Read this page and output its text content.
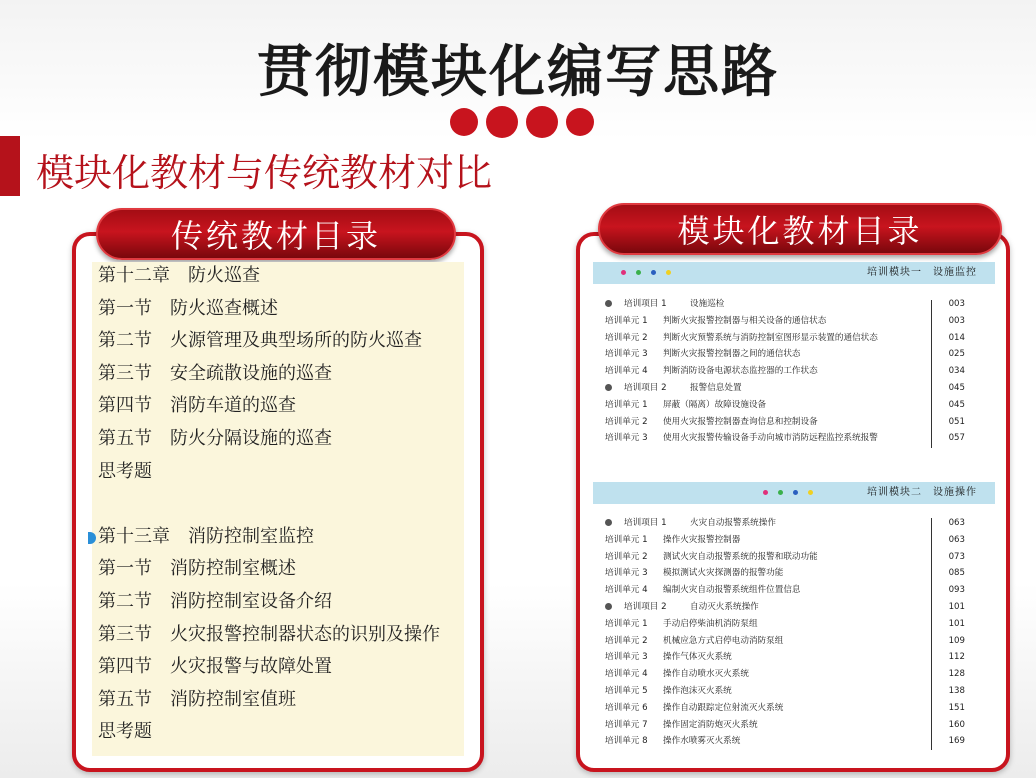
贯彻模块化编写思路
模块化教材与传统教材对比
传统教材目录
第十二章　防火巡查
第一节　防火巡查概述
第二节　火源管理及典型场所的防火巡查
第三节　安全疏散设施的巡查
第四节　消防车道的巡查
第五节　防火分隔设施的巡查
思考题
第十三章　消防控制室监控
第一节　消防控制室概述
第二节　消防控制室设备介绍
第三节　火灾报警控制器状态的识别及操作
第四节　火灾报警与故障处置
第五节　消防控制室值班
思考题
模块化教材目录
培训模块一　设施监控
培训项目 1	设施巡检	003
培训单元 1 判断火灾报警控制器与相关设备的通信状态	003
培训单元 2 判断火灾预警系统与消防控制室图形显示装置的通信状态	014
培训单元 3 判断火灾报警控制器之间的通信状态	025
培训单元 4 判断消防设备电源状态监控器的工作状态	034
培训项目 2	报警信息处置	045
培训单元 1 屏蔽（隔离）故障设施设备	045
培训单元 2 使用火灾报警控制器查询信息和控制设备	051
培训单元 3 使用火灾报警传输设备手动向城市消防远程监控系统报警	057
培训模块二　设施操作
培训项目 1	火灾自动报警系统操作	063
培训单元 1 操作火灾报警控制器	063
培训单元 2 测试火灾自动报警系统的报警和联动功能	073
培训单元 3 模拟测试火灾探测器的报警功能	085
培训单元 4 编制火灾自动报警系统组件位置信息	093
培训项目 2	自动灭火系统操作	101
培训单元 1 手动启停柴油机消防泵组	101
培训单元 2 机械应急方式启停电动消防泵组	109
培训单元 3 操作气体灭火系统	112
培训单元 4 操作自动喷水灭火系统	128
培训单元 5 操作泡沫灭火系统	138
培训单元 6 操作自动跟踪定位射流灭火系统	151
培训单元 7 操作固定消防炮灭火系统	160
培训单元 8 操作水喷雾灭火系统	169
